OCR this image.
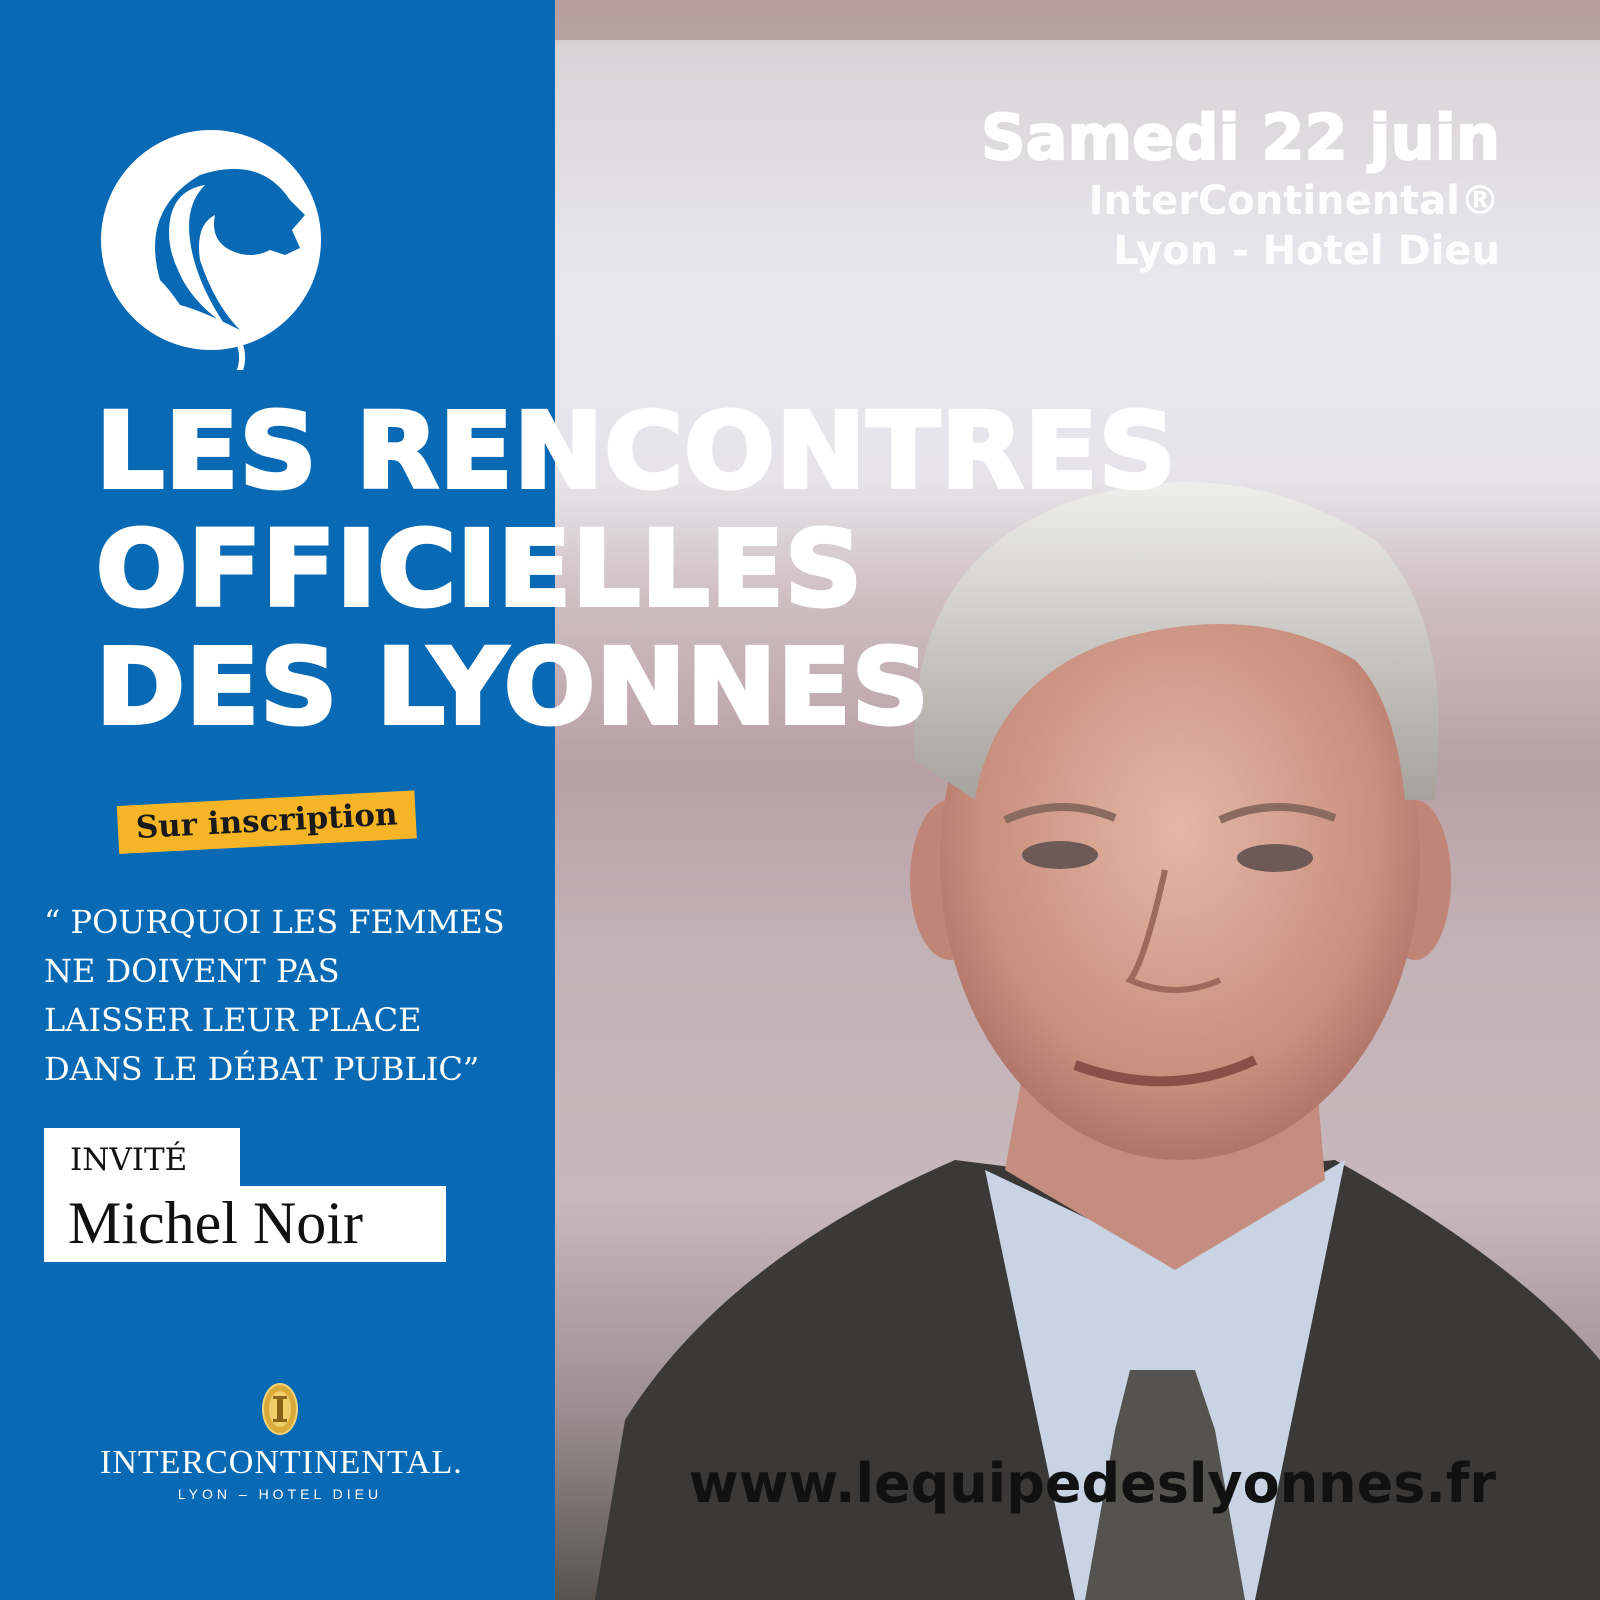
LES RENCONTRES
OFFICIELLES
DES LYONNES
Samedi 22 juin
InterContinental®
Lyon - Hotel Dieu
Sur inscription
“ POURQUOI LES FEMMES
NE DOIVENT PAS
LAISSER LEUR PLACE
DANS LE DÉBAT PUBLIC”
INVITÉ
Michel Noir
INTERCONTINENTAL.
LYON – HOTEL DIEU	www.lequipedeslyonnes.fr
